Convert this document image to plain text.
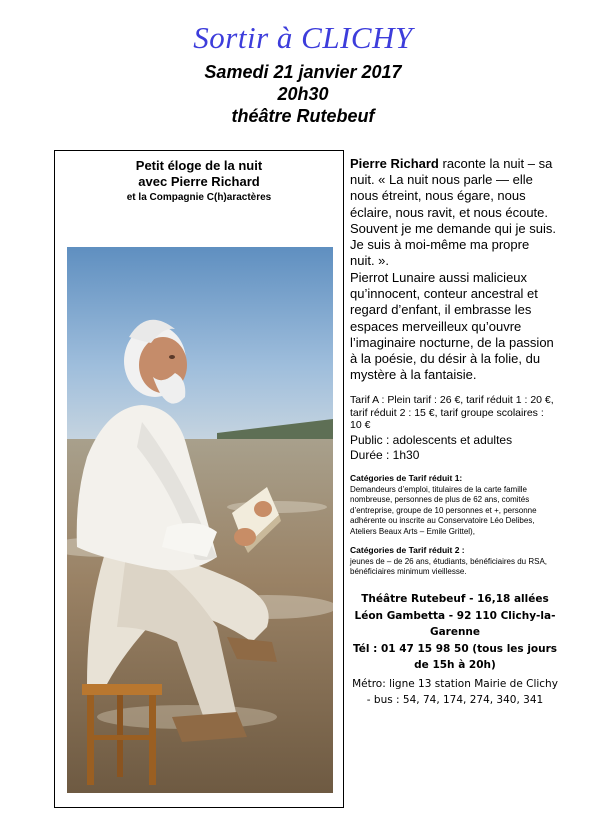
Sortir à CLICHY
Samedi 21 janvier 2017
20h30
théâtre Rutebeuf
Petit éloge de la nuit
avec Pierre Richard
et la Compagnie C(h)aractères
Pierre Richard raconte la nuit – sa nuit. « La nuit nous parle — elle nous étreint, nous égare, nous éclaire, nous ravit, et nous écoute. Souvent je me demande qui je suis. Je suis à moi-même ma propre nuit. ».
Pierrot Lunaire aussi malicieux qu’innocent, conteur ancestral et regard d’enfant, il embrasse les espaces merveilleux qu’ouvre l’imaginaire nocturne, de la passion à la poésie, du désir à la folie, du mystère à la fantaisie.
Tarif A : Plein tarif : 26 €, tarif réduit 1 : 20 €, tarif réduit 2 : 15 €, tarif groupe scolaires : 10 €
Public : adolescents et adultes
Durée : 1h30
Catégories de Tarif réduit 1:
Demandeurs d’emploi, titulaires de la carte famille nombreuse, personnes de plus de 62 ans, comités d’entreprise, groupe de 10 personnes et +, personne adhérente ou inscrite au Conservatoire Léo Delibes, Ateliers Beaux Arts – Emile Grittel),
Catégories de Tarif réduit 2 :
jeunes de – de 26 ans, étudiants, bénéficiaires du RSA, bénéficiaires minimum vieillesse.
Théâtre Rutebeuf - 16,18 allées Léon Gambetta - 92 110 Clichy-la-Garenne
Tél : 01 47 15 98 50 (tous les jours de 15h à 20h)
Métro: ligne 13 station Mairie de Clichy - bus : 54, 74, 174, 274, 340, 341
